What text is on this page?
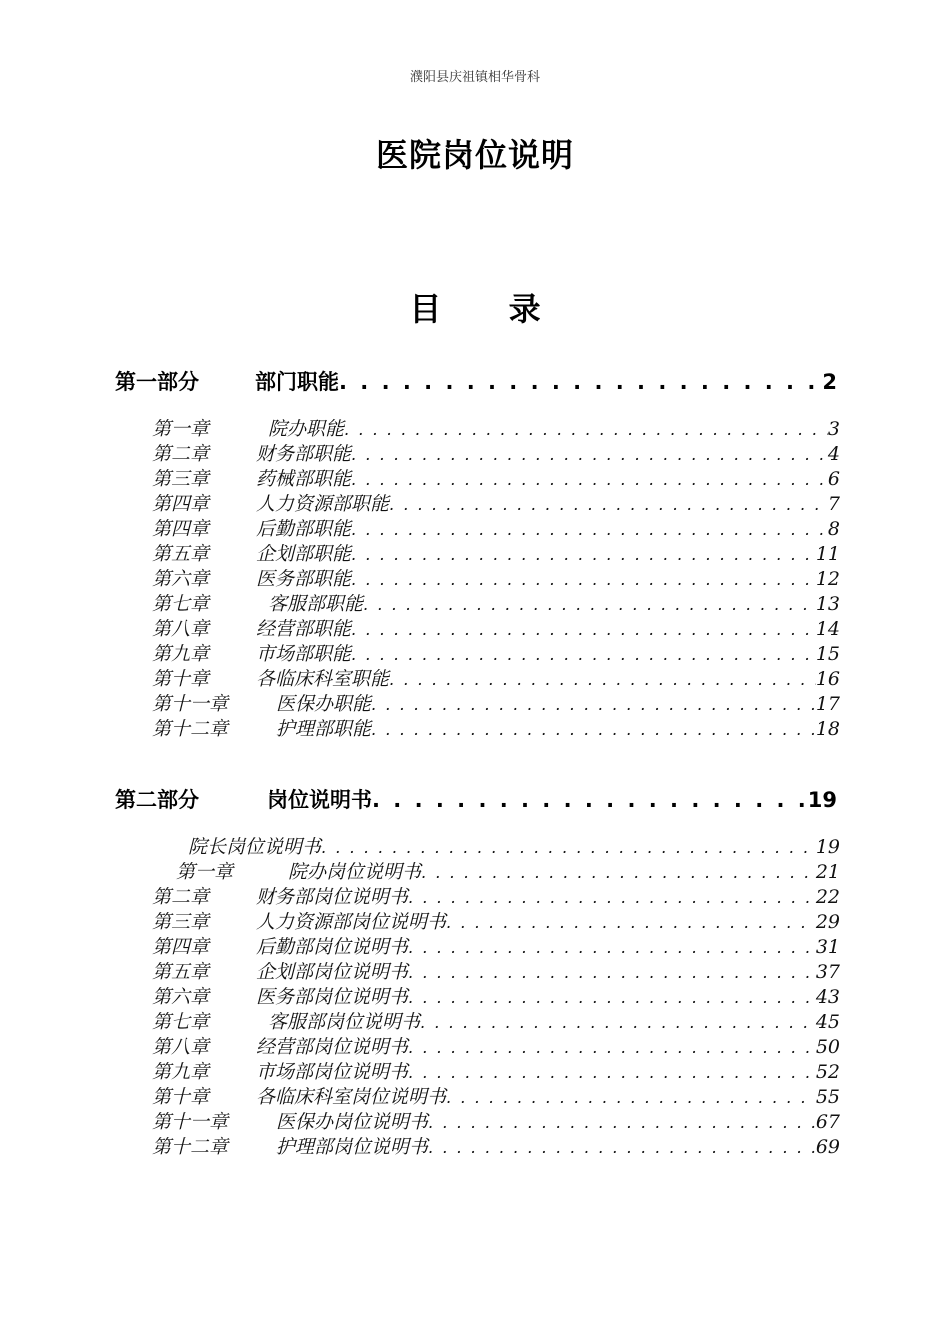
濮阳县庆祖镇相华骨科
医院岗位说明
目 录
第一部分	部门职能 . . .	2
第一章	院办职能 . . .	3
第二章	财务部职能 . . .	4
第三章	药械部职能 . . .	6
第四章	人力资源部职能 . . .	7
第四章	后勤部职能 . . .	8
第五章	企划部职能 . . .	11
第六章	医务部职能 . . .	12
第七章	客服部职能 . . .	13
第八章	经营部职能 . . .	14
第九章	市场部职能 . . .	15
第十章	各临床科室职能 . . .	16
第十一章	医保办职能 . . .	17
第十二章	护理部职能 . . .	18
第二部分	岗位说明书 . . .	19
院长岗位说明书 . . .	19
第一章	院办岗位说明书 . . .	21
第二章	财务部岗位说明书 . . .	22
第三章	人力资源部岗位说明书 . . .	29
第四章	后勤部岗位说明书 . . .	31
第五章	企划部岗位说明书 . . .	37
第六章	医务部岗位说明书 . . .	43
第七章	客服部岗位说明书 . . .	45
第八章	经营部岗位说明书 . . .	50
第九章	市场部岗位说明书 . . .	52
第十章	各临床科室岗位说明书 . . .	55
第十一章	医保办岗位说明书 . . .	67
第十二章	护理部岗位说明书 . . .	69
